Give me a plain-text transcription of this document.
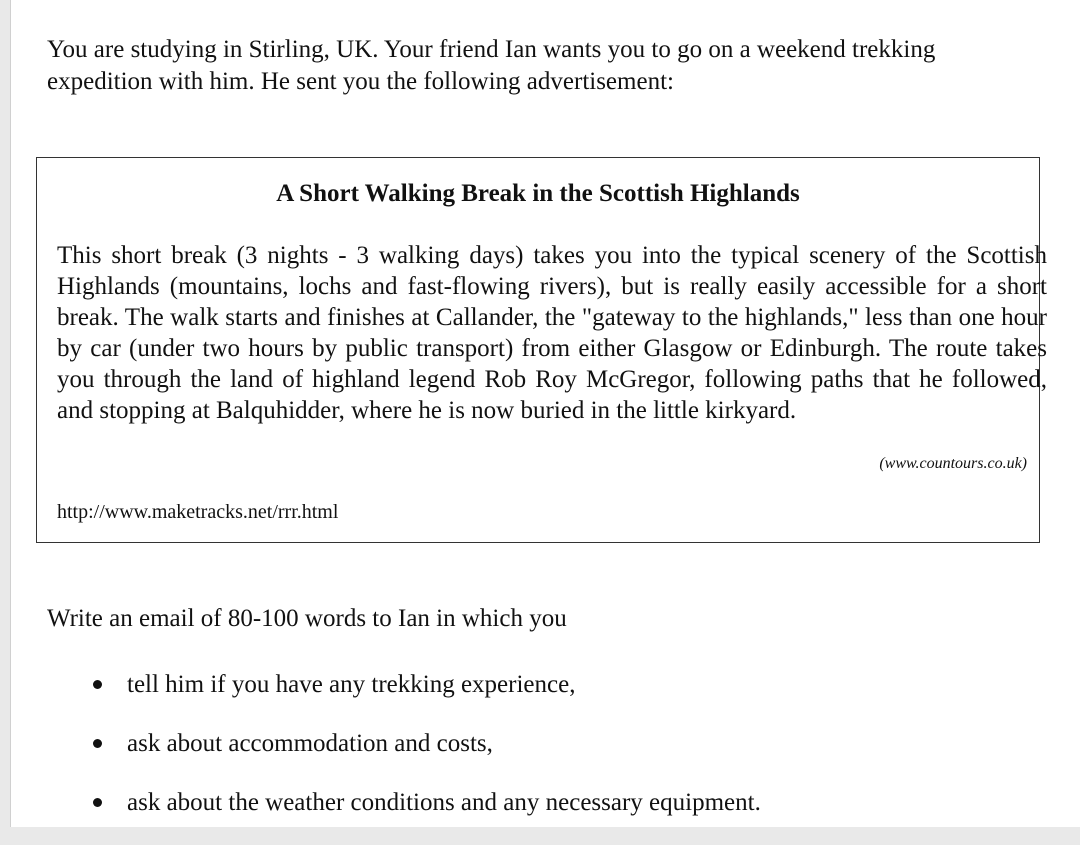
You are studying in Stirling, UK. Your friend Ian wants you to go on a weekend trekking expedition with him. He sent you the following advertisement:

A Short Walking Break in the Scottish Highlands

This short break (3 nights - 3 walking days) takes you into the typical scenery of the Scottish Highlands (mountains, lochs and fast-flowing rivers), but is really easily accessible for a short break. The walk starts and finishes at Callander, the "gateway to the highlands," less than one hour by car (under two hours by public transport) from either Glasgow or Edinburgh. The route takes you through the land of highland legend Rob Roy McGregor, following paths that he followed, and stopping at Balquhidder, where he is now buried in the little kirkyard.

(www.countours.co.uk)

http://www.maketracks.net/rrr.html

Write an email of 80-100 words to Ian in which you

tell him if you have any trekking experience,
ask about accommodation and costs,
ask about the weather conditions and any necessary equipment.
